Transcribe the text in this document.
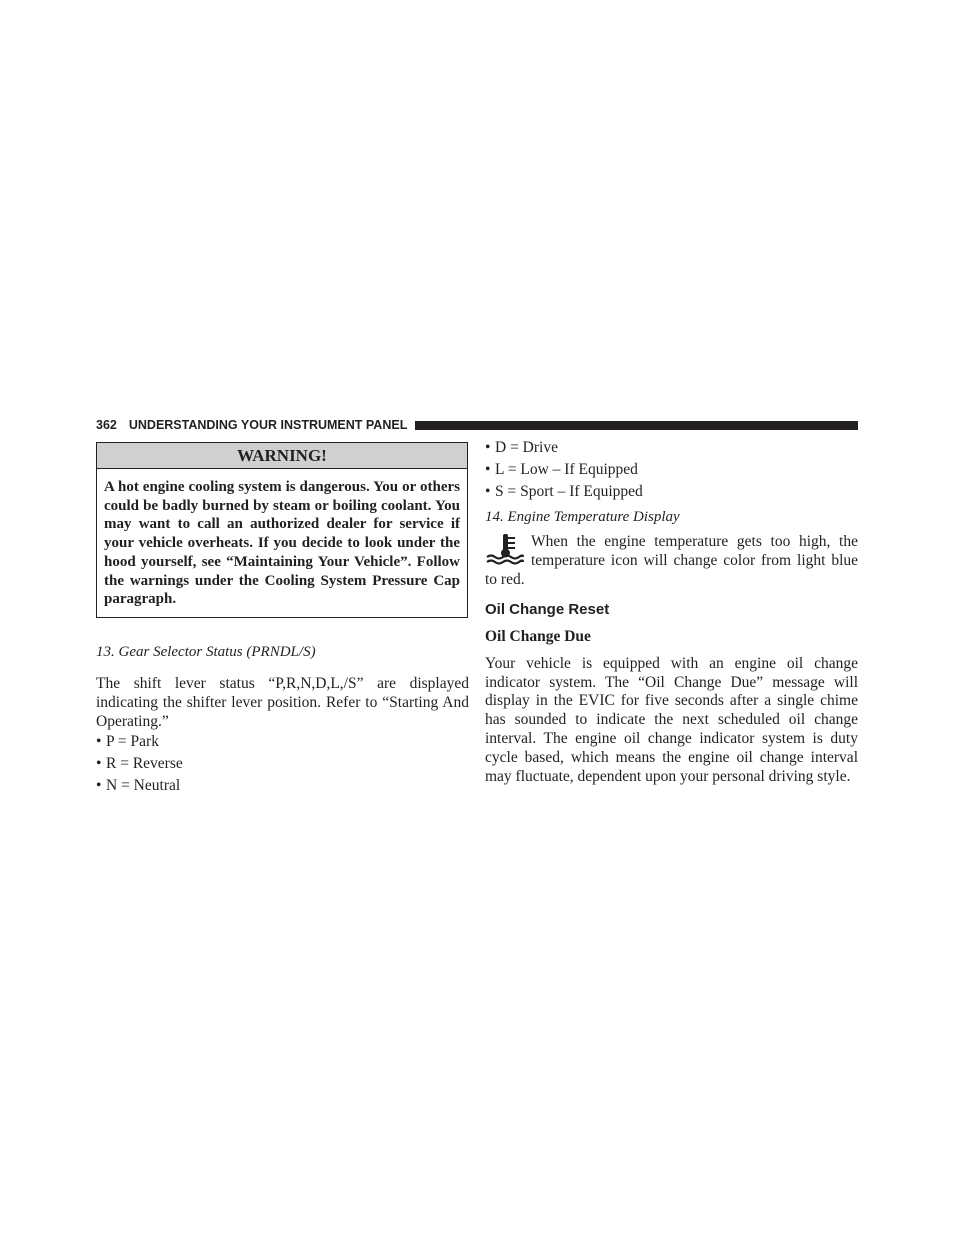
362 UNDERSTANDING YOUR INSTRUMENT PANEL
WARNING!
A hot engine cooling system is dangerous. You or others could be badly burned by steam or boiling coolant. You may want to call an authorized dealer for service if your vehicle overheats. If you decide to look under the hood yourself, see “Maintaining Your Vehicle”. Follow the warnings under the Cooling System Pressure Cap paragraph.
13. Gear Selector Status (PRNDL/S)
The shift lever status “P,R,N,D,L,/S” are displayed indicating the shifter lever position. Refer to “Starting And Operating.”
• P = Park
• R = Reverse
• N = Neutral
• D = Drive
• L = Low – If Equipped
• S = Sport – If Equipped
14. Engine Temperature Display
When the engine temperature gets too high, the temperature icon will change color from light blue to red.
Oil Change Reset
Oil Change Due
Your vehicle is equipped with an engine oil change indicator system. The “Oil Change Due” message will display in the EVIC for five seconds after a single chime has sounded to indicate the next scheduled oil change interval. The engine oil change indicator system is duty cycle based, which means the engine oil change interval may fluctuate, dependent upon your personal driving style.
